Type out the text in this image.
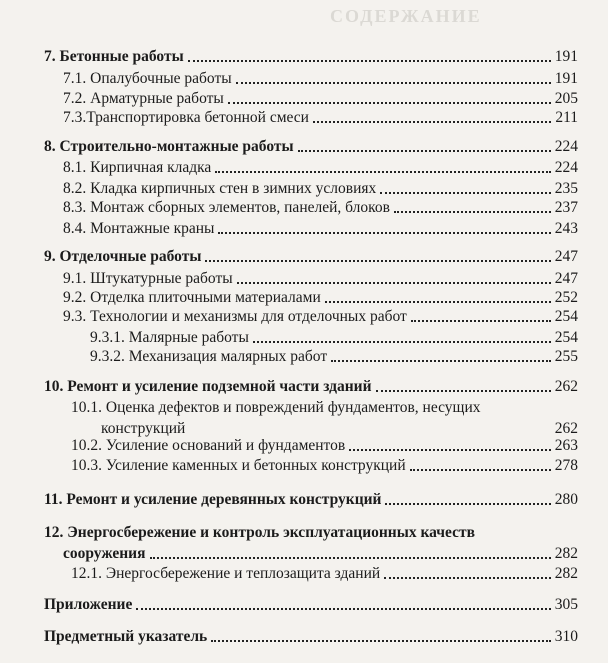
СОДЕРЖАНИЕ
7. Бетонные работы	191
7.1. Опалубочные работы	191
7.2. Арматурные работы	205
7.3.Транспортировка бетонной смеси	211
8. Строительно-монтажные работы	224
8.1. Кирпичная кладка	224
8.2. Кладка кирпичных стен в зимних условиях	235
8.3. Монтаж сборных элементов, панелей, блоков	237
8.4. Монтажные краны	243
9. Отделочные работы	247
9.1. Штукатурные работы	247
9.2. Отделка плиточными материалами	252
9.3. Технологии и механизмы для отделочных работ	254
9.3.1. Малярные работы	254
9.3.2. Механизация малярных работ	255
10. Ремонт и усиление подземной части зданий	262
10.1. Оценка дефектов и повреждений фундаментов, несущих
конструкций	262
10.2. Усиление оснований и фундаментов	263
10.3. Усиление каменных и бетонных конструкций	278
11. Ремонт и усиление деревянных конструкций	280
12. Энергосбережение и контроль эксплуатационных качеств
сооружения	282
12.1. Энергосбережение и теплозащита зданий	282
Приложение	305
Предметный указатель	310
